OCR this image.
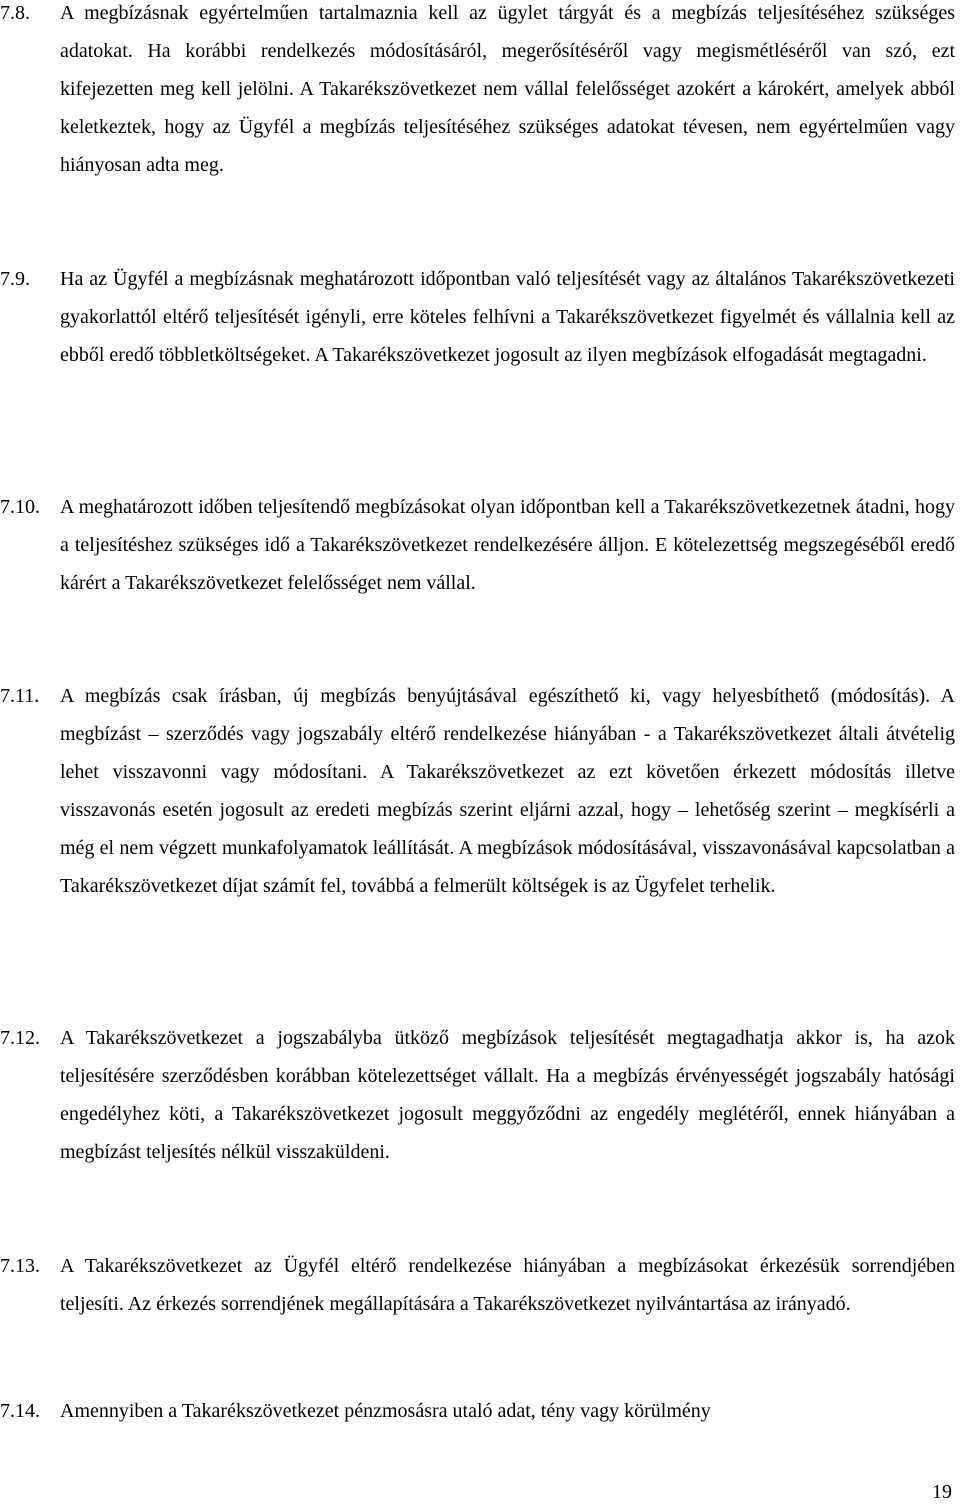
7.8.	A megbízásnak egyértelműen tartalmaznia kell az ügylet tárgyát és a megbízás teljesítéséhez szükséges adatokat. Ha korábbi rendelkezés módosításáról, megerősítéséről vagy megismétléséről van szó, ezt kifejezetten meg kell jelölni. A Takarékszövetkezet nem vállal felelősséget azokért a károkért, amelyek abból keletkeztek, hogy az Ügyfél a megbízás teljesítéséhez szükséges adatokat tévesen, nem egyértelműen vagy hiányosan adta meg.
7.9.	Ha az Ügyfél a megbízásnak meghatározott időpontban való teljesítését vagy az általános Takarékszövetkezeti gyakorlattól eltérő teljesítését igényli, erre köteles felhívni a Takarékszövetkezet figyelmét és vállalnia kell az ebből eredő többletköltségeket. A Takarékszövetkezet jogosult az ilyen megbízások elfogadását megtagadni.
7.10.	A meghatározott időben teljesítendő megbízásokat olyan időpontban kell a Takarékszövetkezetnek átadni, hogy a teljesítéshez szükséges idő a Takarékszövetkezet rendelkezésére álljon. E kötelezettség megszegéséből eredő kárért a Takarékszövetkezet felelősséget nem vállal.
7.11.	A megbízás csak írásban, új megbízás benyújtásával egészíthető ki, vagy helyesbíthető (módosítás). A megbízást – szerződés vagy jogszabály eltérő rendelkezése hiányában - a Takarékszövetkezet általi átvételig lehet visszavonni vagy módosítani. A Takarékszövetkezet az ezt követően érkezett módosítás illetve visszavonás esetén jogosult az eredeti megbízás szerint eljárni azzal, hogy – lehetőség szerint – megkísérli a még el nem végzett munkafolyamatok leállítását. A megbízások módosításával, visszavonásával kapcsolatban a Takarékszövetkezet díjat számít fel, továbbá a felmerült költségek is az Ügyfelet terhelik.
7.12.	A Takarékszövetkezet a jogszabályba ütköző megbízások teljesítését megtagadhatja akkor is, ha azok teljesítésére szerződésben korábban kötelezettséget vállalt. Ha a megbízás érvényességét jogszabály hatósági engedélyhez köti, a Takarékszövetkezet jogosult meggyőződni az engedély meglétéről, ennek hiányában a megbízást teljesítés nélkül visszaküldeni.
7.13.	A Takarékszövetkezet az Ügyfél eltérő rendelkezése hiányában a megbízásokat érkezésük sorrendjében teljesíti. Az érkezés sorrendjének megállapítására a Takarékszövetkezet nyilvántartása az irányadó.
7.14.	Amennyiben a Takarékszövetkezet pénzmosásra utaló adat, tény vagy körülmény
19
